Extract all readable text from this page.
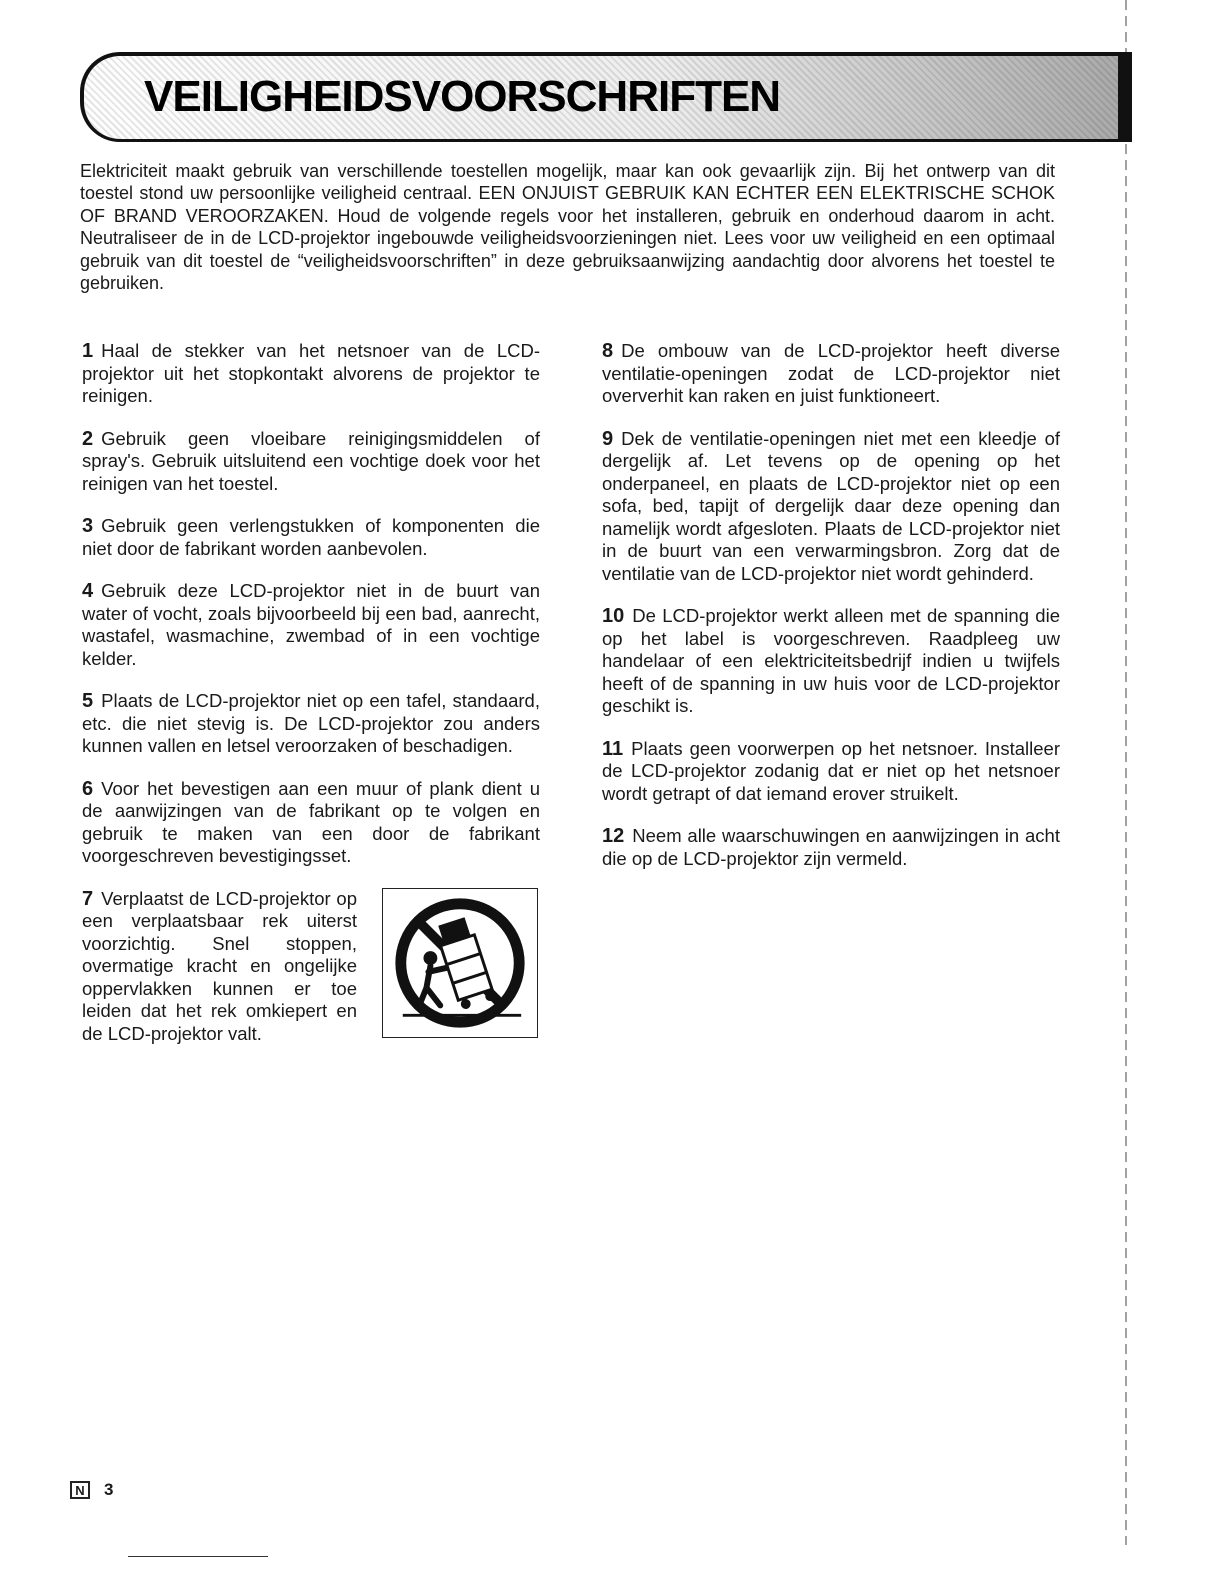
VEILIGHEIDSVOORSCHRIFTEN

Elektriciteit maakt gebruik van verschillende toestellen mogelijk, maar kan ook gevaarlijk zijn. Bij het ontwerp van dit toestel stond uw persoonlijke veiligheid centraal. EEN ONJUIST GEBRUIK KAN ECHTER EEN ELEKTRISCHE SCHOK OF BRAND VEROORZAKEN. Houd de volgende regels voor het installeren, gebruik en onderhoud daarom in acht. Neutraliseer de in de LCD-projektor ingebouwde veiligheidsvoorzieningen niet. Lees voor uw veiligheid en een optimaal gebruik van dit toestel de “veiligheidsvoorschriften” in deze gebruiksaanwijzing aandachtig door alvorens het toestel te gebruiken.

1 Haal de stekker van het netsnoer van de LCD-projektor uit het stopkontakt alvorens de projektor te reinigen.

2 Gebruik geen vloeibare reinigingsmiddelen of spray's. Gebruik uitsluitend een vochtige doek voor het reinigen van het toestel.

3 Gebruik geen verlengstukken of komponenten die niet door de fabrikant worden aanbevolen.

4 Gebruik deze LCD-projektor niet in de buurt van water of vocht, zoals bijvoorbeeld bij een bad, aanrecht, wastafel, wasmachine, zwembad of in een vochtige kelder.

5 Plaats de LCD-projektor niet op een tafel, standaard, etc. die niet stevig is. De LCD-projektor zou anders kunnen vallen en letsel veroorzaken of beschadigen.

6 Voor het bevestigen aan een muur of plank dient u de aanwijzingen van de fabrikant op te volgen en gebruik te maken van een door de fabrikant voorgeschreven bevestigingsset.

7 Verplaatst de LCD-projektor op een verplaatsbaar rek uiterst voorzichtig. Snel stoppen, overmatige kracht en ongelijke oppervlakken kunnen er toe leiden dat het rek omkiepert en de LCD-projektor valt.

8 De ombouw van de LCD-projektor heeft diverse ventilatie-openingen zodat de LCD-projektor niet oververhit kan raken en juist funktioneert.

9 Dek de ventilatie-openingen niet met een kleedje of dergelijk af. Let tevens op de opening op het onderpaneel, en plaats de LCD-projektor niet op een sofa, bed, tapijt of dergelijk daar deze opening dan namelijk wordt afgesloten. Plaats de LCD-projektor niet in de buurt van een verwarmingsbron. Zorg dat de ventilatie van de LCD-projektor niet wordt gehinderd.

10 De LCD-projektor werkt alleen met de spanning die op het label is voorgeschreven. Raadpleeg uw handelaar of een elektriciteitsbedrijf indien u twijfels heeft of de spanning in uw huis voor de LCD-projektor geschikt is.

11 Plaats geen voorwerpen op het netsnoer. Installeer de LCD-projektor zodanig dat er niet op het netsnoer wordt getrapt of dat iemand erover struikelt.

12 Neem alle waarschuwingen en aanwijzingen in acht die op de LCD-projektor zijn vermeld.

N	3
